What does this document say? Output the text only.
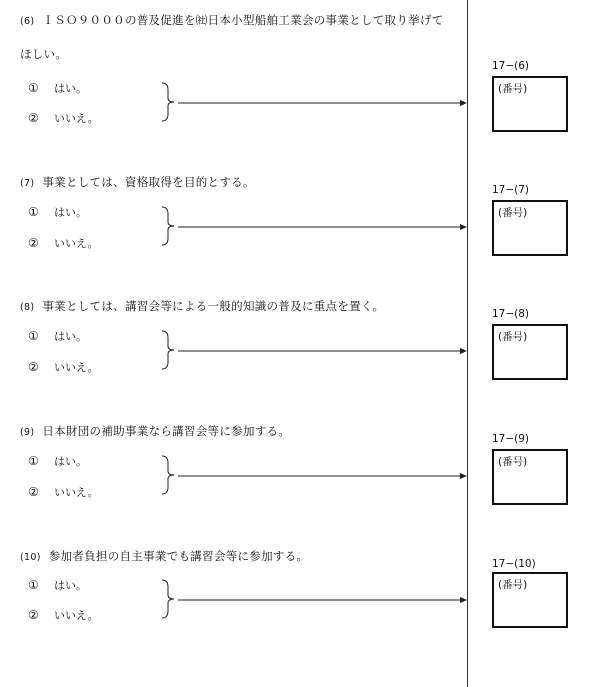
(6) ＩＳＯ９０００の普及促進を㈳日本小型船舶工業会の事業として取り挙げて
ほしい。
① はい。
② いいえ。
17−(6)
(番号)
(7) 事業としては、資格取得を目的とする。
① はい。
② いいえ。
17−(7)
(番号)
(8) 事業としては、講習会等による一般的知識の普及に重点を置く。
① はい。
② いいえ。
17−(8)
(番号)
(9) 日本財団の補助事業なら講習会等に参加する。
① はい。
② いいえ。
17−(9)
(番号)
(10) 参加者負担の自主事業でも講習会等に参加する。
① はい。
② いいえ。
17−(10)
(番号)
